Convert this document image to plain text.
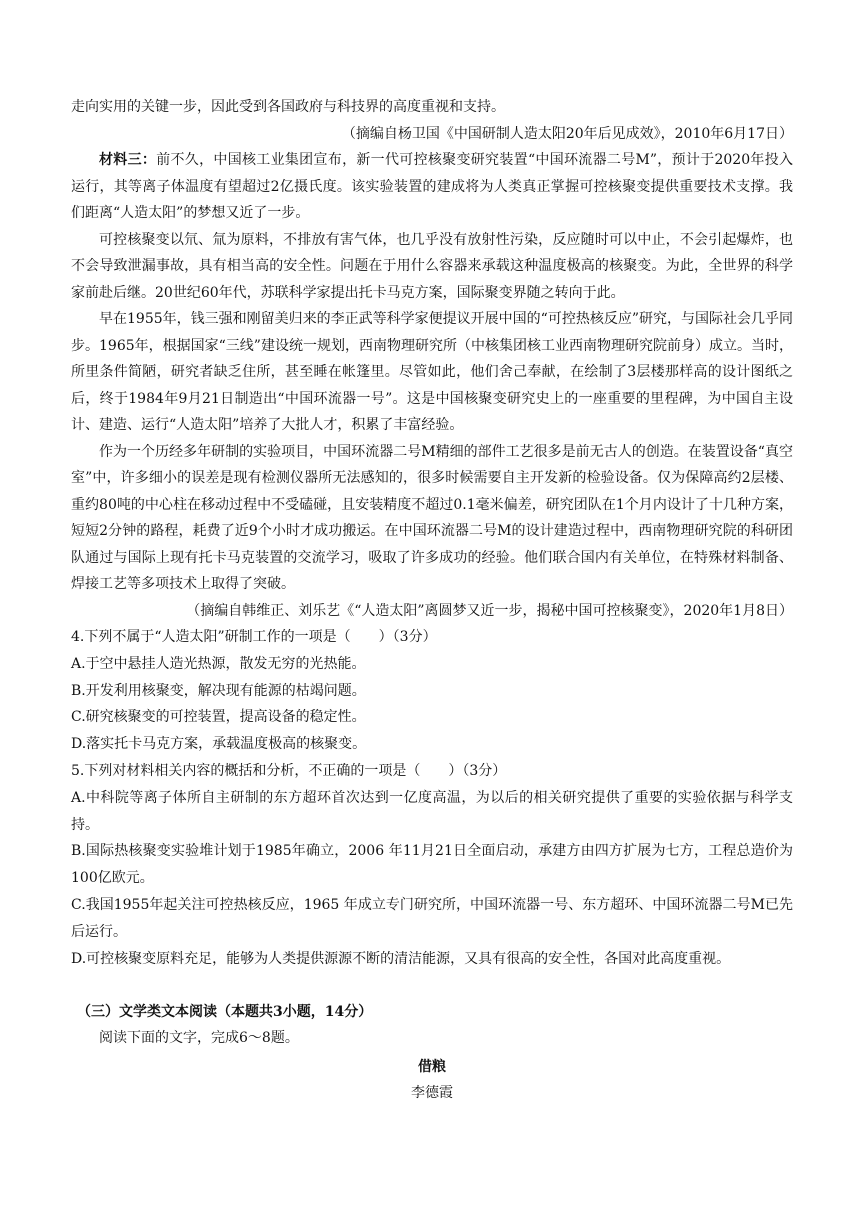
走向实用的关键一步，因此受到各国政府与科技界的高度重视和支持。

（摘编自杨卫国《中国研制人造太阳20年后见成效》，2010年6月17日）

材料三：前不久，中国核工业集团宣布，新一代可控核聚变研究装置“中国环流器二号M”，预计于2020年投入运行，其等离子体温度有望超过2亿摄氏度。该实验装置的建成将为人类真正掌握可控核聚变提供重要技术支撑。我们距离“人造太阳”的梦想又近了一步。

可控核聚变以氘、氚为原料，不排放有害气体，也几乎没有放射性污染，反应随时可以中止，不会引起爆炸，也不会导致泄漏事故，具有相当高的安全性。问题在于用什么容器来承载这种温度极高的核聚变。为此，全世界的科学家前赴后继。20世纪60年代，苏联科学家提出托卡马克方案，国际聚变界随之转向于此。

早在1955年，钱三强和刚留美归来的李正武等科学家便提议开展中国的“可控热核反应”研究，与国际社会几乎同步。1965年，根据国家“三线”建设统一规划，西南物理研究所（中核集团核工业西南物理研究院前身）成立。当时，所里条件简陋，研究者缺乏住所，甚至睡在帐篷里。尽管如此，他们舍己奉献，在绘制了3层楼那样高的设计图纸之后，终于1984年9月21日制造出“中国环流器一号”。这是中国核聚变研究史上的一座重要的里程碑，为中国自主设计、建造、运行“人造太阳”培养了大批人才，积累了丰富经验。

作为一个历经多年研制的实验项目，中国环流器二号M精细的部件工艺很多是前无古人的创造。在装置设备“真空室”中，许多细小的误差是现有检测仪器所无法感知的，很多时候需要自主开发新的检验设备。仅为保障高约2层楼、重约80吨的中心柱在移动过程中不受磕碰，且安装精度不超过0.1毫米偏差，研究团队在1个月内设计了十几种方案，短短2分钟的路程，耗费了近9个小时才成功搬运。在中国环流器二号M的设计建造过程中，西南物理研究院的科研团队通过与国际上现有托卡马克装置的交流学习，吸取了许多成功的经验。他们联合国内有关单位，在特殊材料制备、焊接工艺等多项技术上取得了突破。

（摘编自韩维正、刘乐艺《“人造太阳”离圆梦又近一步，揭秘中国可控核聚变》，2020年1月8日）

4.下列不属于“人造太阳”研制工作的一项是（　　）（3分）

A.于空中悬挂人造光热源，散发无穷的光热能。

B.开发利用核聚变，解决现有能源的枯竭问题。

C.研究核聚变的可控装置，提高设备的稳定性。

D.落实托卡马克方案，承载温度极高的核聚变。

5.下列对材料相关内容的概括和分析，不正确的一项是（　　）（3分）

A.中科院等离子体所自主研制的东方超环首次达到一亿度高温，为以后的相关研究提供了重要的实验依据与科学支持。

B.国际热核聚变实验堆计划于1985年确立，2006 年11月21日全面启动，承建方由四方扩展为七方，工程总造价为100亿欧元。

C.我国1955年起关注可控热核反应，1965 年成立专门研究所，中国环流器一号、东方超环、中国环流器二号M已先后运行。

D.可控核聚变原料充足，能够为人类提供源源不断的清洁能源，又具有很高的安全性，各国对此高度重视。

（三）文学类文本阅读（本题共3小题，14分）

阅读下面的文字，完成6～8题。

借粮

李德霞
